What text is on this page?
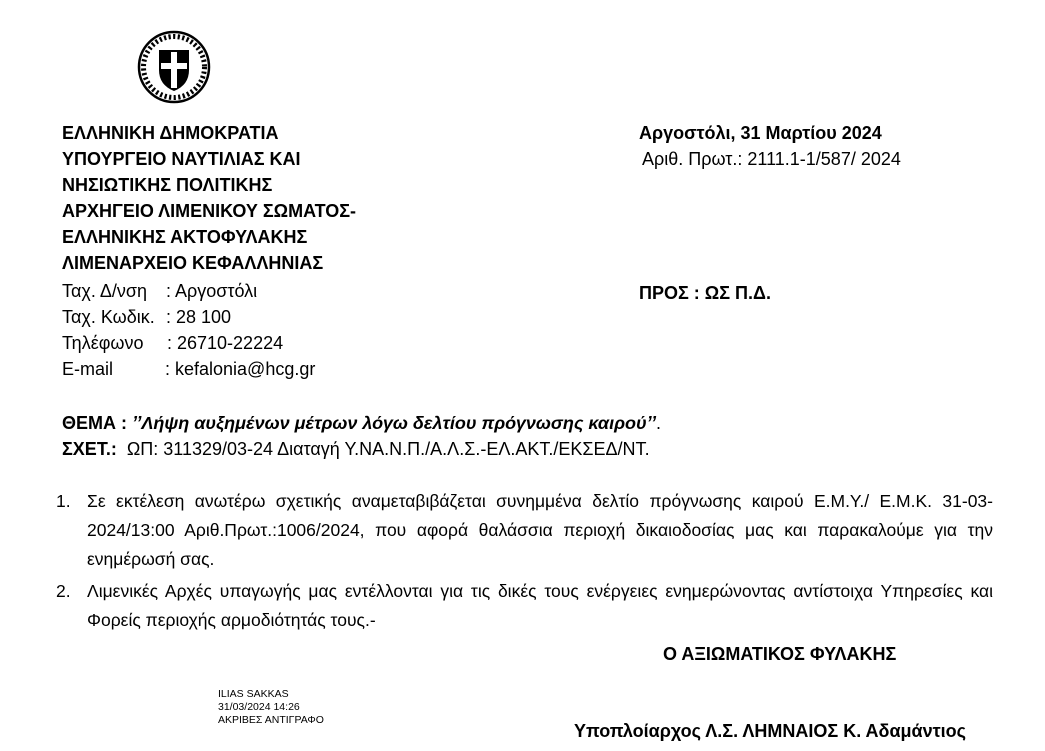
ΕΛΛΗΝΙΚΗ ΔΗΜΟΚΡΑΤΙΑ
ΥΠΟΥΡΓΕΙΟ ΝΑΥΤΙΛΙΑΣ ΚΑΙ
ΝΗΣΙΩΤΙΚΗΣ ΠΟΛΙΤΙΚΗΣ
ΑΡΧΗΓΕΙΟ ΛΙΜΕΝΙΚΟΥ ΣΩΜΑΤΟΣ-
ΕΛΛΗΝΙΚΗΣ ΑΚΤΟΦΥΛΑΚΗΣ
ΛΙΜΕΝΑΡΧΕΙΟ ΚΕΦΑΛΛΗΝΙΑΣ
Ταχ. Δ/νση : Αργοστόλι
Ταχ. Κωδικ. : 28 100
Τηλέφωνο : 26710-22224
E-mail	: kefalonia@hcg.gr
Αργοστόλι, 31 Μαρτίου 2024
Αριθ. Πρωτ.: 2111.1-1/587/ 2024
ΠΡΟΣ : ΩΣ Π.Δ.
ΘΕΜΑ : ’’Λήψη αυξημένων μέτρων λόγω δελτίου πρόγνωσης καιρού’’.
ΣΧΕΤ.: ΩΠ: 311329/03-24 Διαταγή Υ.ΝΑ.Ν.Π./Α.Λ.Σ.-ΕΛ.ΑΚΤ./ΕΚΣΕΔ/ΝΤ.
1. Σε εκτέλεση ανωτέρω σχετικής αναμεταβιβάζεται συνημμένα δελτίο πρόγνωσης καιρού Ε.Μ.Υ./ Ε.Μ.Κ. 31-03-2024/13:00 Αριθ.Πρωτ.:1006/2024, που αφορά θαλάσσια περιοχή δικαιοδοσίας μας και παρακαλούμε για την ενημέρωσή σας.
2. Λιμενικές Αρχές υπαγωγής μας εντέλλονται για τις δικές τους ενέργειες ενημερώνοντας αντίστοιχα Υπηρεσίες και Φορείς περιοχής αρμοδιότητάς τους.-
Ο ΑΞΙΩΜΑΤΙΚΟΣ ΦΥΛΑΚΗΣ
ILIAS SAKKAS
31/03/2024 14:26
ΑΚΡΙΒΕΣ ΑΝΤΙΓΡΑΦΟ
Υποπλοίαρχος Λ.Σ. ΛΗΜΝΑΙΟΣ Κ. Αδαμάντιος
